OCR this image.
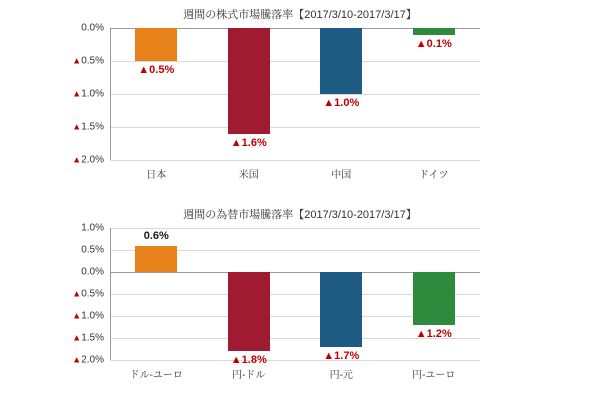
週間の株式市場騰落率【2017/3/10-2017/3/17】
0.0%
▲0.5%
▲1.0%
▲1.5%
▲2.0%
▲0.5%
▲1.6%
▲1.0%
▲0.1%
日本	米国	中国	ドイツ
週間の為替市場騰落率【2017/3/10-2017/3/17】
1.0%
0.5%
0.0%
▲0.5%
▲1.0%
▲1.5%
▲2.0%
0.6%
▲1.8%	▲1.7%
▲1.2%
ドル-ユーロ	円-ドル	円-元	円-ユーロ
